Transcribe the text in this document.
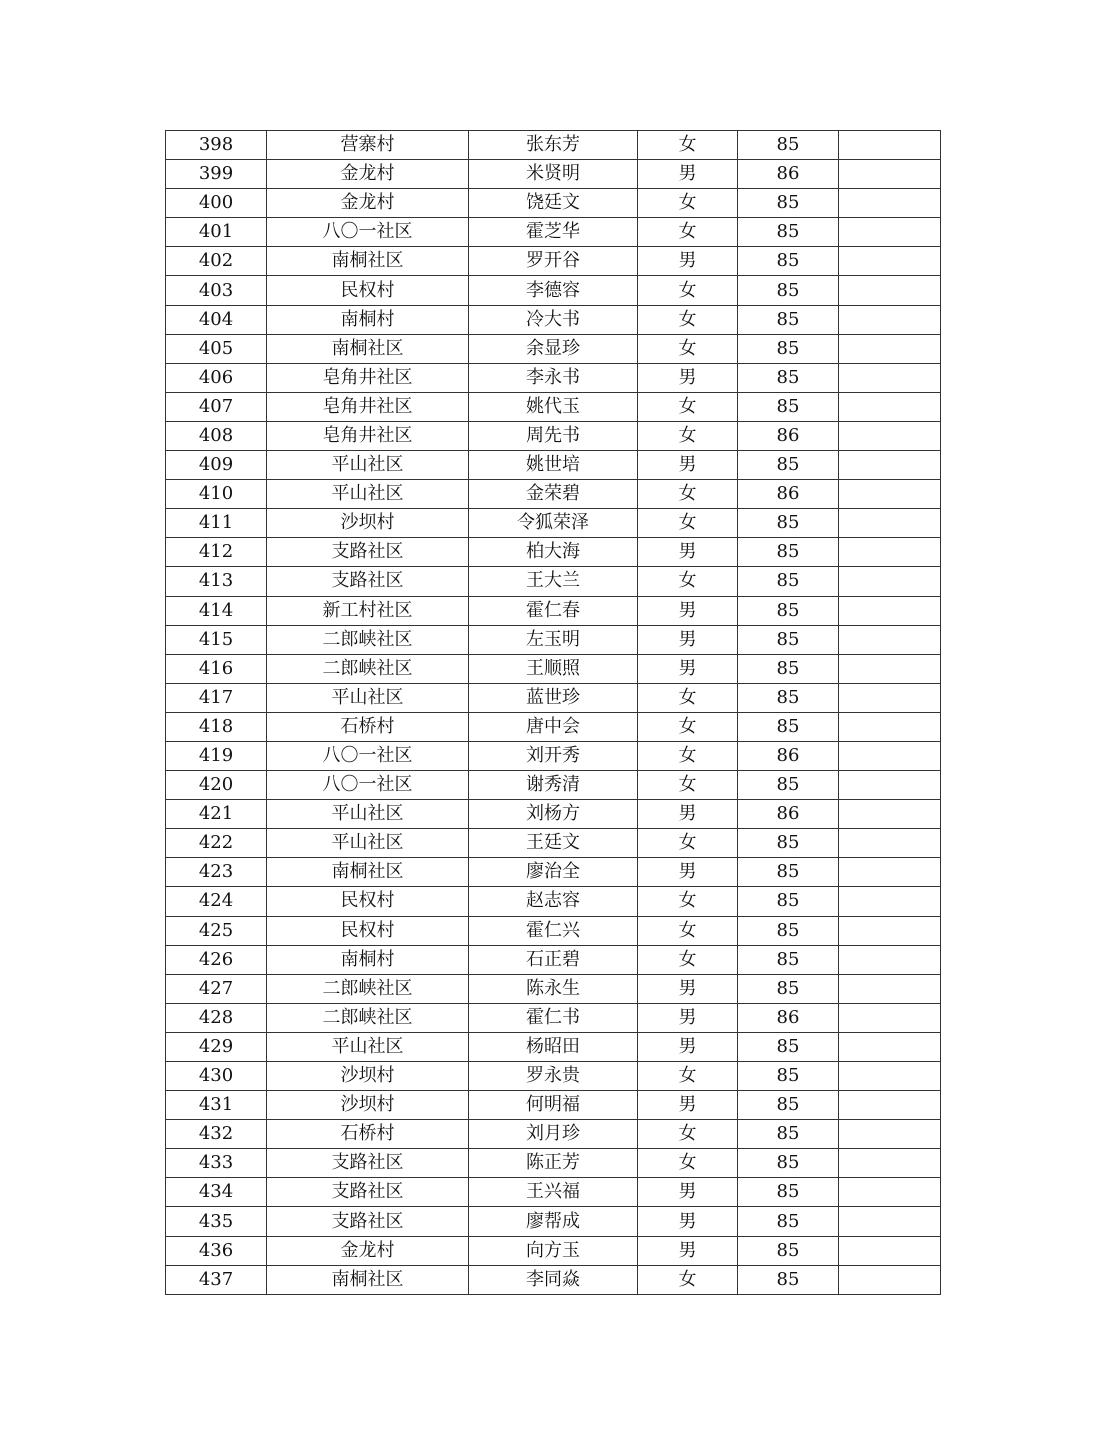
398	营寨村	张东芳	女	85	
399	金龙村	米贤明	男	86	
400	金龙村	饶廷文	女	85	
401	八〇一社区	霍芝华	女	85	
402	南桐社区	罗开谷	男	85	
403	民权村	李德容	女	85	
404	南桐村	冷大书	女	85	
405	南桐社区	余显珍	女	85	
406	皂角井社区	李永书	男	85	
407	皂角井社区	姚代玉	女	85	
408	皂角井社区	周先书	女	86	
409	平山社区	姚世培	男	85	
410	平山社区	金荣碧	女	86	
411	沙坝村	令狐荣泽	女	85	
412	支路社区	柏大海	男	85	
413	支路社区	王大兰	女	85	
414	新工村社区	霍仁春	男	85	
415	二郎峡社区	左玉明	男	85	
416	二郎峡社区	王顺照	男	85	
417	平山社区	蓝世珍	女	85	
418	石桥村	唐中会	女	85	
419	八〇一社区	刘开秀	女	86	
420	八〇一社区	谢秀清	女	85	
421	平山社区	刘杨方	男	86	
422	平山社区	王廷文	女	85	
423	南桐社区	廖治全	男	85	
424	民权村	赵志容	女	85	
425	民权村	霍仁兴	女	85	
426	南桐村	石正碧	女	85	
427	二郎峡社区	陈永生	男	85	
428	二郎峡社区	霍仁书	男	86	
429	平山社区	杨昭田	男	85	
430	沙坝村	罗永贵	女	85	
431	沙坝村	何明福	男	85	
432	石桥村	刘月珍	女	85	
433	支路社区	陈正芳	女	85	
434	支路社区	王兴福	男	85	
435	支路社区	廖帮成	男	85	
436	金龙村	向方玉	男	85	
437	南桐社区	李同焱	女	85	
